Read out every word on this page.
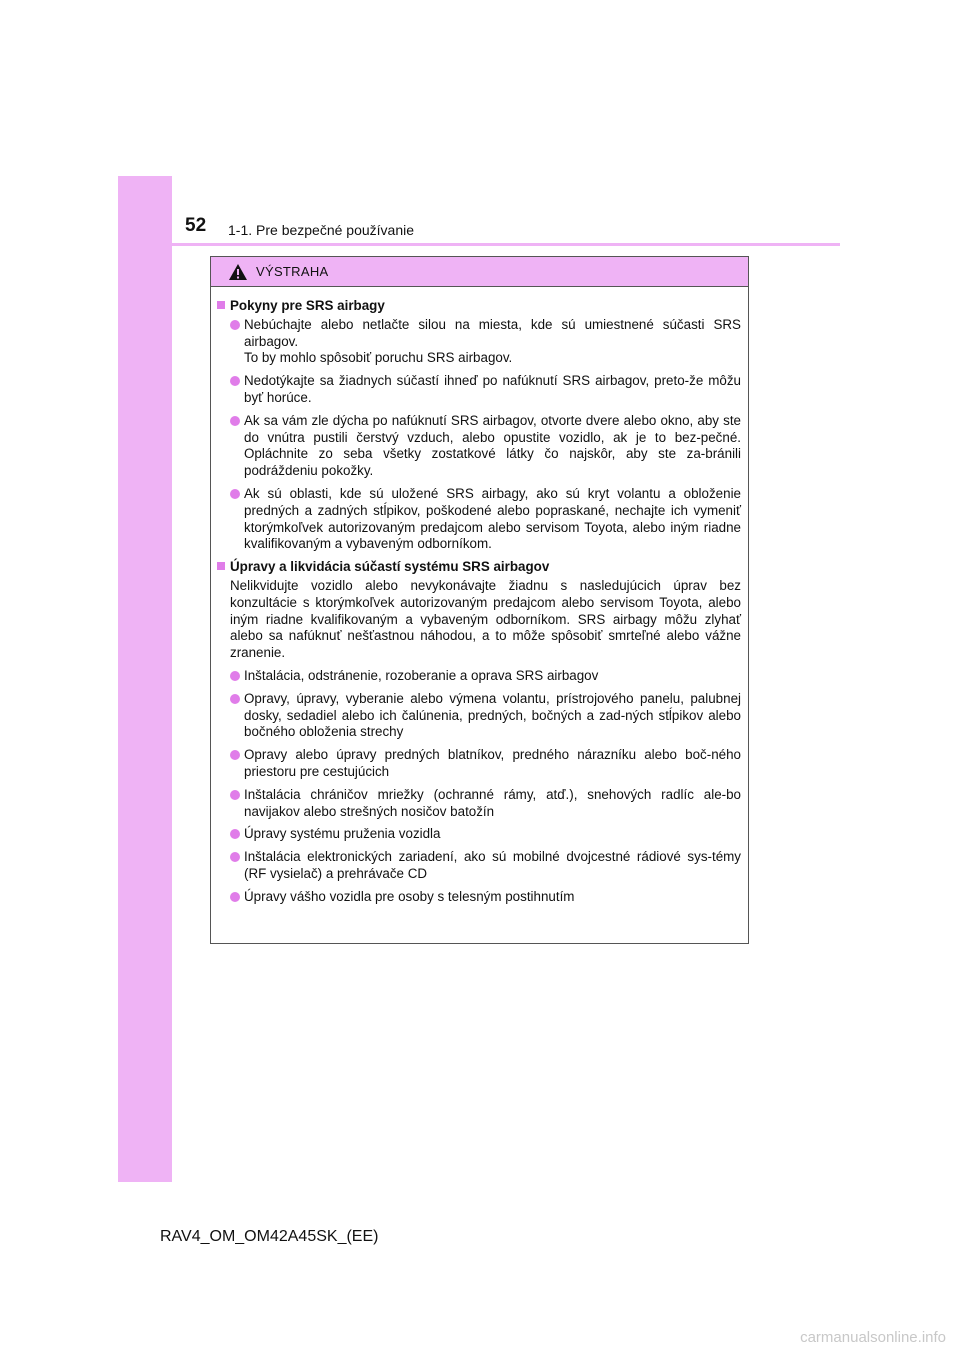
52 1-1. Pre bezpečné používanie
VÝSTRAHA
Pokyny pre SRS airbagy
Nebúchajte alebo netlačte silou na miesta, kde sú umiestnené súčasti SRS airbagov.
To by mohlo spôsobiť poruchu SRS airbagov.
Nedotýkajte sa žiadnych súčastí ihneď po nafúknutí SRS airbagov, preto-že môžu byť horúce.
Ak sa vám zle dýcha po nafúknutí SRS airbagov, otvorte dvere alebo okno, aby ste do vnútra pustili čerstvý vzduch, alebo opustite vozidlo, ak je to bez-pečné. Opláchnite zo seba všetky zostatkové látky čo najskôr, aby ste za-bránili podráždeniu pokožky.
Ak sú oblasti, kde sú uložené SRS airbagy, ako sú kryt volantu a obloženie predných a zadných stĺpikov, poškodené alebo popraskané, nechajte ich vymeniť ktorýmkoľvek autorizovaným predajcom alebo servisom Toyota, alebo iným riadne kvalifikovaným a vybaveným odborníkom.
Úpravy a likvidácia súčastí systému SRS airbagov

Nelikvidujte vozidlo alebo nevykonávajte žiadnu s nasledujúcich úprav bez konzultácie s ktorýmkoľvek autorizovaným predajcom alebo servisom Toyota, alebo iným riadne kvalifikovaným a vybaveným odborníkom. SRS airbagy môžu zlyhať alebo sa nafúknuť nešťastnou náhodou, a to môže spôsobiť smrteľné alebo vážne zranenie.

Inštalácia, odstránenie, rozoberanie a oprava SRS airbagov
Opravy, úpravy, vyberanie alebo výmena volantu, prístrojového panelu, palubnej dosky, sedadiel alebo ich čalúnenia, predných, bočných a zad-ných stĺpikov alebo bočného obloženia strechy
Opravy alebo úpravy predných blatníkov, predného nárazníku alebo boč-ného priestoru pre cestujúcich
Inštalácia chráničov mriežky (ochranné rámy, atď.), snehových radlíc ale-bo navijakov alebo strešných nosičov batožín
Úpravy systému pruženia vozidla
Inštalácia elektronických zariadení, ako sú mobilné dvojcestné rádiové sys-témy (RF vysielač) a prehrávače CD
Úpravy vášho vozidla pre osoby s telesným postihnutím
RAV4_OM_OM42A45SK_(EE)
carmanualsonline.info
